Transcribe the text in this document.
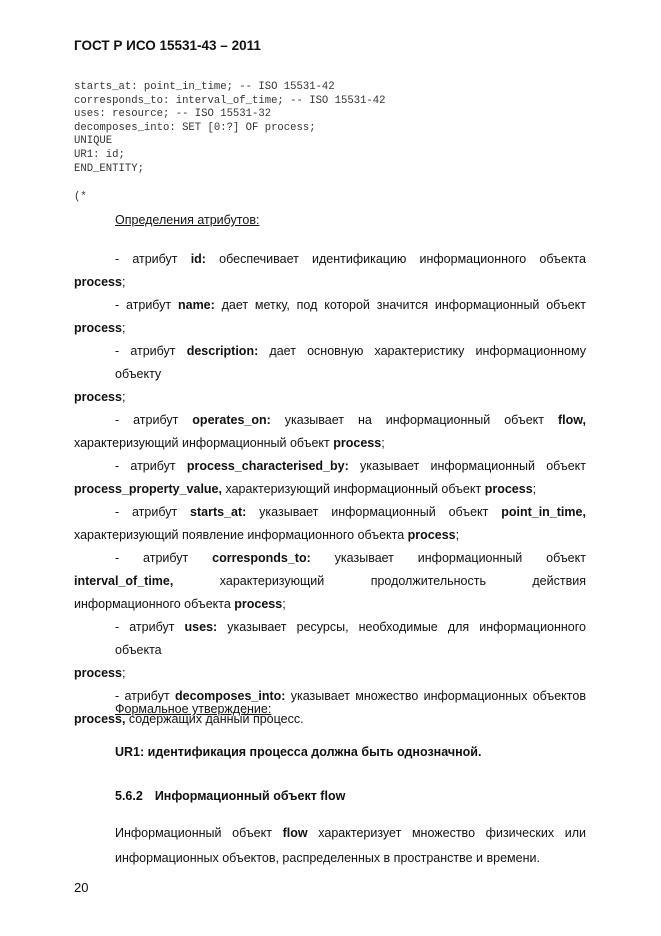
ГОСТ Р ИСО 15531-43 – 2011
starts_at: point_in_time; -- ISO 15531-42
corresponds_to: interval_of_time; -- ISO 15531-42
uses: resource; -- ISO 15531-32
decomposes_into: SET [0:?] OF process;
UNIQUE
UR1: id;
END_ENTITY;
(*
Определения атрибутов:

- атрибут id: обеспечивает идентификацию информационного объекта

process;

- атрибут name: дает метку, под которой значится информационный объект

process;

- атрибут description: дает основную характеристику информационному объекту

process;

- атрибут operates_on: указывает на информационный объект flow,

характеризующий информационный объект process;

- атрибут process_characterised_by: указывает информационный объект

process_property_value, характеризующий информационный объект process;

- атрибут starts_at: указывает информационный объект point_in_time,

характеризующий появление информационного объекта process;

- атрибут corresponds_to: указывает информационный объект

interval_of_time,	характеризующий продолжительность действия

информационного объекта process;

- атрибут uses: указывает ресурсы, необходимые для информационного объекта

process;

- атрибут decomposes_into: указывает множество информационных объектов

process, содержащих данный процесс.

Формальное утверждение:
UR1: идентификация процесса должна быть однозначной.
5.6.2 Информационный объект flow

Информационный объект flow характеризует множество физических или информационных объектов, распределенных в пространстве и времени.

20
